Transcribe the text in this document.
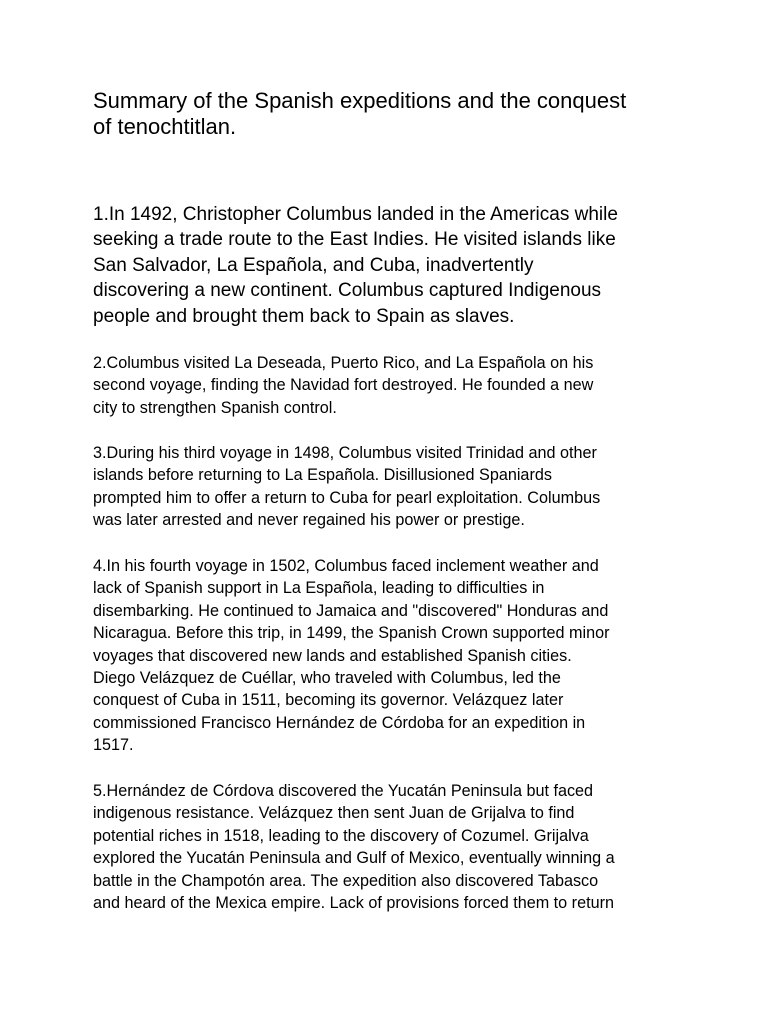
Summary of the Spanish expeditions and the conquest
of tenochtitlan.

1.In 1492, Christopher Columbus landed in the Americas while
seeking a trade route to the East Indies. He visited islands like
San Salvador, La Española, and Cuba, inadvertently
discovering a new continent. Columbus captured Indigenous
people and brought them back to Spain as slaves.

2.Columbus visited La Deseada, Puerto Rico, and La Española on his
second voyage, finding the Navidad fort destroyed. He founded a new
city to strengthen Spanish control.

3.During his third voyage in 1498, Columbus visited Trinidad and other
islands before returning to La Española. Disillusioned Spaniards
prompted him to offer a return to Cuba for pearl exploitation. Columbus
was later arrested and never regained his power or prestige.

4.In his fourth voyage in 1502, Columbus faced inclement weather and
lack of Spanish support in La Española, leading to difficulties in
disembarking. He continued to Jamaica and "discovered" Honduras and
Nicaragua. Before this trip, in 1499, the Spanish Crown supported minor
voyages that discovered new lands and established Spanish cities.
Diego Velázquez de Cuéllar, who traveled with Columbus, led the
conquest of Cuba in 1511, becoming its governor. Velázquez later
commissioned Francisco Hernández de Córdoba for an expedition in
1517.

5.Hernández de Córdova discovered the Yucatán Peninsula but faced
indigenous resistance. Velázquez then sent Juan de Grijalva to find
potential riches in 1518, leading to the discovery of Cozumel. Grijalva
explored the Yucatán Peninsula and Gulf of Mexico, eventually winning a
battle in the Champotón area. The expedition also discovered Tabasco
and heard of the Mexica empire. Lack of provisions forced them to return
